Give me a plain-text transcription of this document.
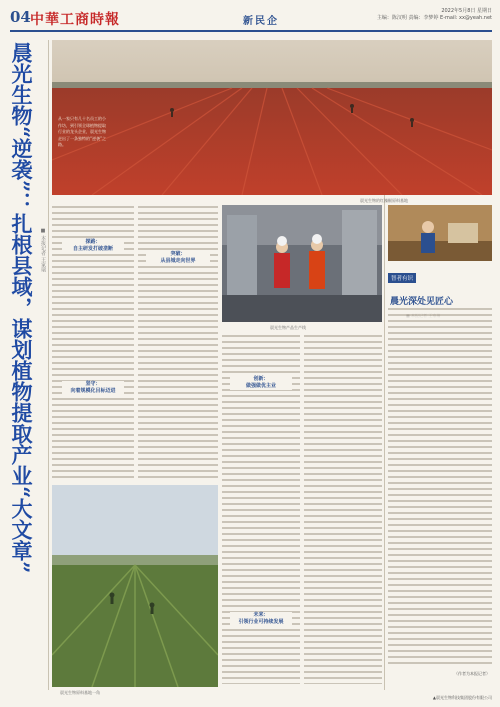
04 中華工商時報	新民企
2022年5月8日 星期日
主编：陈汉明 责编：李梦婷 E-mail: xx@yeah.net
晨光生物“逆袭”：扎根县域，谋划植物提取产业“大文章” ■ 本报记者 王家瑞
晨光生物的红辣椒原料基地
从一家只有几十名员工的小作坊，到引领全球植物提取行业的龙头企业，晨光生物走出了一条独特的“逆袭”之路。
探路：
自主研发打破垄断
坚守：
向着规模化目标迈进
突破：
从县城走向世界
晨光生物产品生产线
创新：
做强做优主业
未来：
引领行业可持续发展
晨光生物原料基地一角
智者有识
晨光深处见匠心
（作者为本报记者）
▲晨光生物科技集团股份有限公司
